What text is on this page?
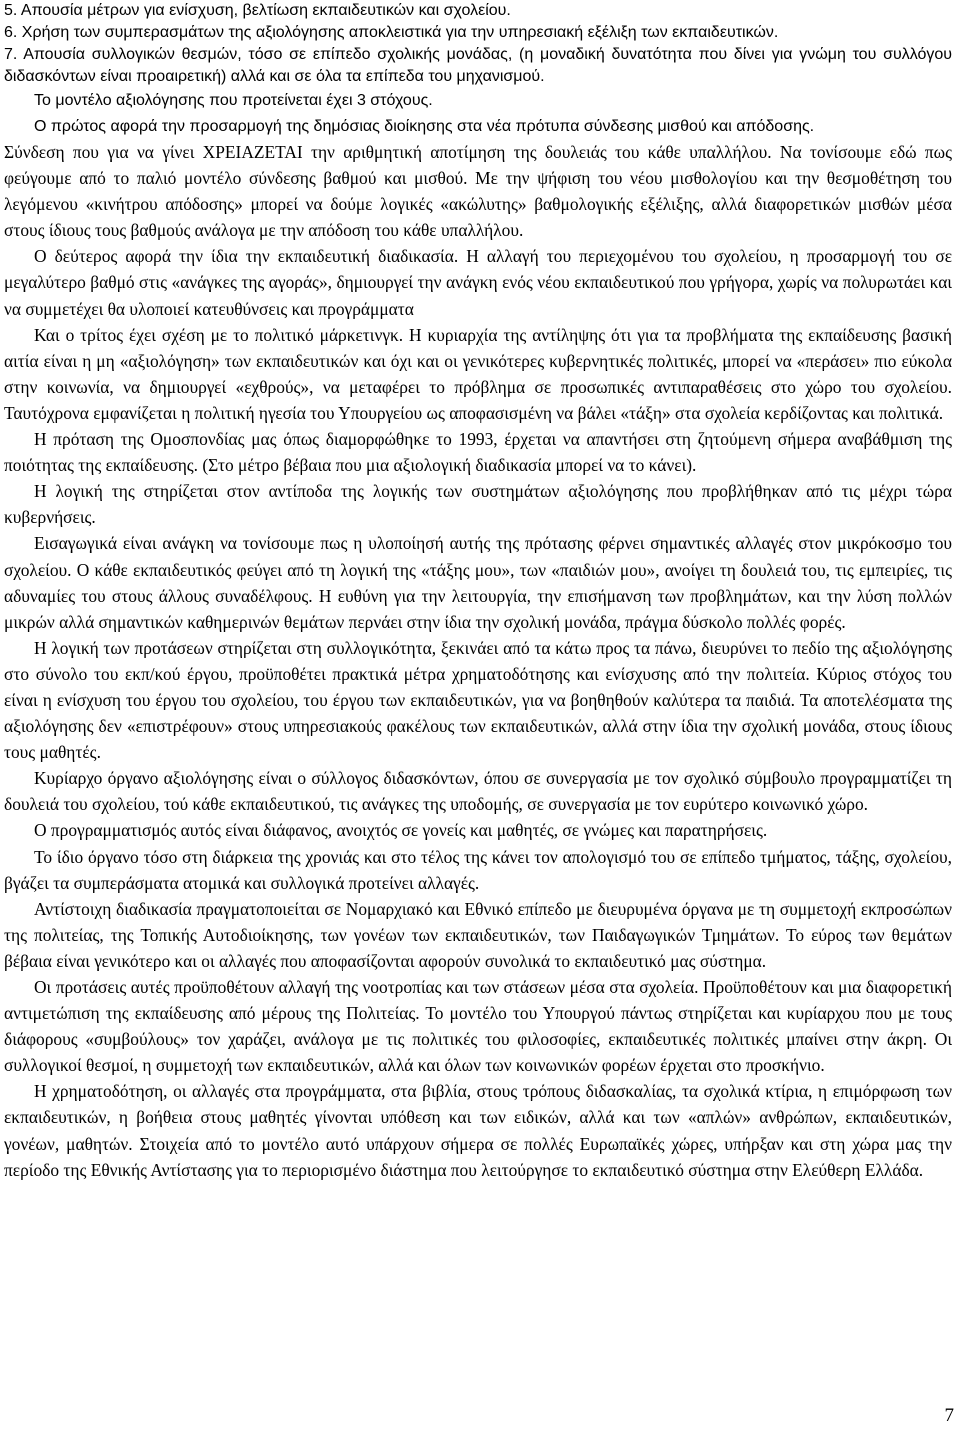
5. Απουσία μέτρων για ενίσχυση, βελτίωση εκπαιδευτικών και σχολείου.

6. Χρήση των συμπερασμάτων της αξιολόγησης αποκλειστικά για την υπηρεσιακή εξέλιξη των εκπαιδευτικών.

7. Απουσία συλλογικών θεσμών, τόσο σε επίπεδο σχολικής μονάδας, (η μοναδική δυνατότητα που δίνει για γνώμη του συλλόγου διδασκόντων είναι προαιρετική) αλλά και σε όλα τα επίπεδα του μηχανισμού.

Το μοντέλο αξιολόγησης που προτείνεται έχει 3 στόχους.

Ο πρώτος αφορά την προσαρμογή της δημόσιας διοίκησης στα νέα πρότυπα σύνδεσης μισθού και απόδοσης.

Σύνδεση που για να γίνει ΧΡΕΙΑΖΕΤΑΙ την αριθμητική αποτίμηση της δουλειάς του κάθε υπαλλήλου. Να τονίσουμε εδώ πως φεύγουμε από το παλιό μοντέλο σύνδεσης βαθμού και μισθού. Με την ψήφιση του νέου μισθολογίου και την θεσμοθέτηση του λεγόμενου «κινήτρου απόδοσης» μπορεί να δούμε λογικές «ακώλυτης» βαθμολογικής εξέλιξης, αλλά διαφορετικών μισθών μέσα στους ίδιους τους βαθμούς ανάλογα με την απόδοση του κάθε υπαλλήλου.

Ο δεύτερος αφορά την ίδια την εκπαιδευτική διαδικασία. Η αλλαγή του περιεχομένου του σχολείου, η προσαρμογή του σε μεγαλύτερο βαθμό στις «ανάγκες της αγοράς», δημιουργεί την ανάγκη ενός νέου εκπαιδευτικού που γρήγορα, χωρίς να πολυρωτάει και να συμμετέχει θα υλοποιεί κατευθύνσεις και προγράμματα

Και ο τρίτος έχει σχέση με το πολιτικό μάρκετινγκ. Η κυριαρχία της αντίληψης ότι για τα προβλήματα της εκπαίδευσης βασική αιτία είναι η μη «αξιολόγηση» των εκπαιδευτικών και όχι και οι γενικότερες κυβερνητικές πολιτικές, μπορεί να «περάσει» πιο εύκολα στην κοινωνία, να δημιουργεί «εχθρούς», να μεταφέρει το πρόβλημα σε προσωπικές αντιπαραθέσεις στο χώρο του σχολείου. Ταυτόχρονα εμφανίζεται η πολιτική ηγεσία του Υπουργείου ως αποφασισμένη να βάλει «τάξη» στα σχολεία κερδίζοντας και πολιτικά.

Η πρόταση της Ομοσπονδίας μας όπως διαμορφώθηκε το 1993, έρχεται να απαντήσει στη ζητούμενη σήμερα αναβάθμιση της ποιότητας της εκπαίδευσης. (Στο μέτρο βέβαια που μια αξιολογική διαδικασία μπορεί να το κάνει).

Η λογική της στηρίζεται στον αντίποδα της λογικής των συστημάτων αξιολόγησης που προβλήθηκαν από τις μέχρι τώρα κυβερνήσεις.

Εισαγωγικά είναι ανάγκη να τονίσουμε πως η υλοποίησή αυτής της πρότασης φέρνει σημαντικές αλλαγές στον μικρόκοσμο του σχολείου. Ο κάθε εκπαιδευτικός φεύγει από τη λογική της «τάξης μου», των «παιδιών μου», ανοίγει τη δουλειά του, τις εμπειρίες, τις αδυναμίες του στους άλλους συναδέλφους. Η ευθύνη για την λειτουργία, την επισήμανση των προβλημάτων, και την λύση πολλών μικρών αλλά σημαντικών καθημερινών θεμάτων περνάει στην ίδια την σχολική μονάδα, πράγμα δύσκολο πολλές φορές.

Η λογική των προτάσεων στηρίζεται στη συλλογικότητα, ξεκινάει από τα κάτω προς τα πάνω, διευρύνει το πεδίο της αξιολόγησης στο σύνολο του εκπ/κού έργου, προϋποθέτει πρακτικά μέτρα χρηματοδότησης και ενίσχυσης από την πολιτεία. Κύριος στόχος του είναι η ενίσχυση του έργου του σχολείου, του έργου των εκπαιδευτικών, για να βοηθηθούν καλύτερα τα παιδιά. Τα αποτελέσματα της αξιολόγησης δεν «επιστρέφουν» στους υπηρεσιακούς φακέλους των εκπαιδευτικών, αλλά στην ίδια την σχολική μονάδα, στους ίδιους τους μαθητές.

Κυρίαρχο όργανο αξιολόγησης είναι ο σύλλογος διδασκόντων, όπου σε συνεργασία με τον σχολικό σύμβουλο προγραμματίζει τη δουλειά του σχολείου, τού κάθε εκπαιδευτικού, τις ανάγκες της υποδομής, σε συνεργασία με τον ευρύτερο κοινωνικό χώρο.

Ο προγραμματισμός αυτός είναι διάφανος, ανοιχτός σε γονείς και μαθητές, σε γνώμες και παρατηρήσεις.

Το ίδιο όργανο τόσο στη διάρκεια της χρονιάς και στο τέλος της κάνει τον απολογισμό του σε επίπεδο τμήματος, τάξης, σχολείου, βγάζει τα συμπεράσματα ατομικά και συλλογικά προτείνει αλλαγές.

Αντίστοιχη διαδικασία πραγματοποιείται σε Νομαρχιακό και Εθνικό επίπεδο με διευρυμένα όργανα με τη συμμετοχή εκπροσώπων της πολιτείας, της Τοπικής Αυτοδιοίκησης, των γονέων των εκπαιδευτικών, των Παιδαγωγικών Τμημάτων. Το εύρος των θεμάτων βέβαια είναι γενικότερο και οι αλλαγές που αποφασίζονται αφορούν συνολικά το εκπαιδευτικό μας σύστημα.

Οι προτάσεις αυτές προϋποθέτουν αλλαγή της νοοτροπίας και των στάσεων μέσα στα σχολεία. Προϋποθέτουν και μια διαφορετική αντιμετώπιση της εκπαίδευσης από μέρους της Πολιτείας. Το μοντέλο του Υπουργού πάντως στηρίζεται και κυρίαρχου που με τους διάφορους «συμβούλους» τον χαράζει, ανάλογα με τις πολιτικές του φιλοσοφίες, εκπαιδευτικές πολιτικές μπαίνει στην άκρη. Οι συλλογικοί θεσμοί, η συμμετοχή των εκπαιδευτικών, αλλά και όλων των κοινωνικών φορέων έρχεται στο προσκήνιο.

Η χρηματοδότηση, οι αλλαγές στα προγράμματα, στα βιβλία, στους τρόπους διδασκαλίας, τα σχολικά κτίρια, η επιμόρφωση των εκπαιδευτικών, η βοήθεια στους μαθητές γίνονται υπόθεση και των ειδικών, αλλά και των «απλών» ανθρώπων, εκπαιδευτικών, γονέων, μαθητών. Στοιχεία από το μοντέλο αυτό υπάρχουν σήμερα σε πολλές Ευρωπαϊκές χώρες, υπήρξαν και στη χώρα μας την περίοδο της Εθνικής Αντίστασης για το περιορισμένο διάστημα που λειτούργησε το εκπαιδευτικό σύστημα στην Ελεύθερη Ελλάδα.

7
